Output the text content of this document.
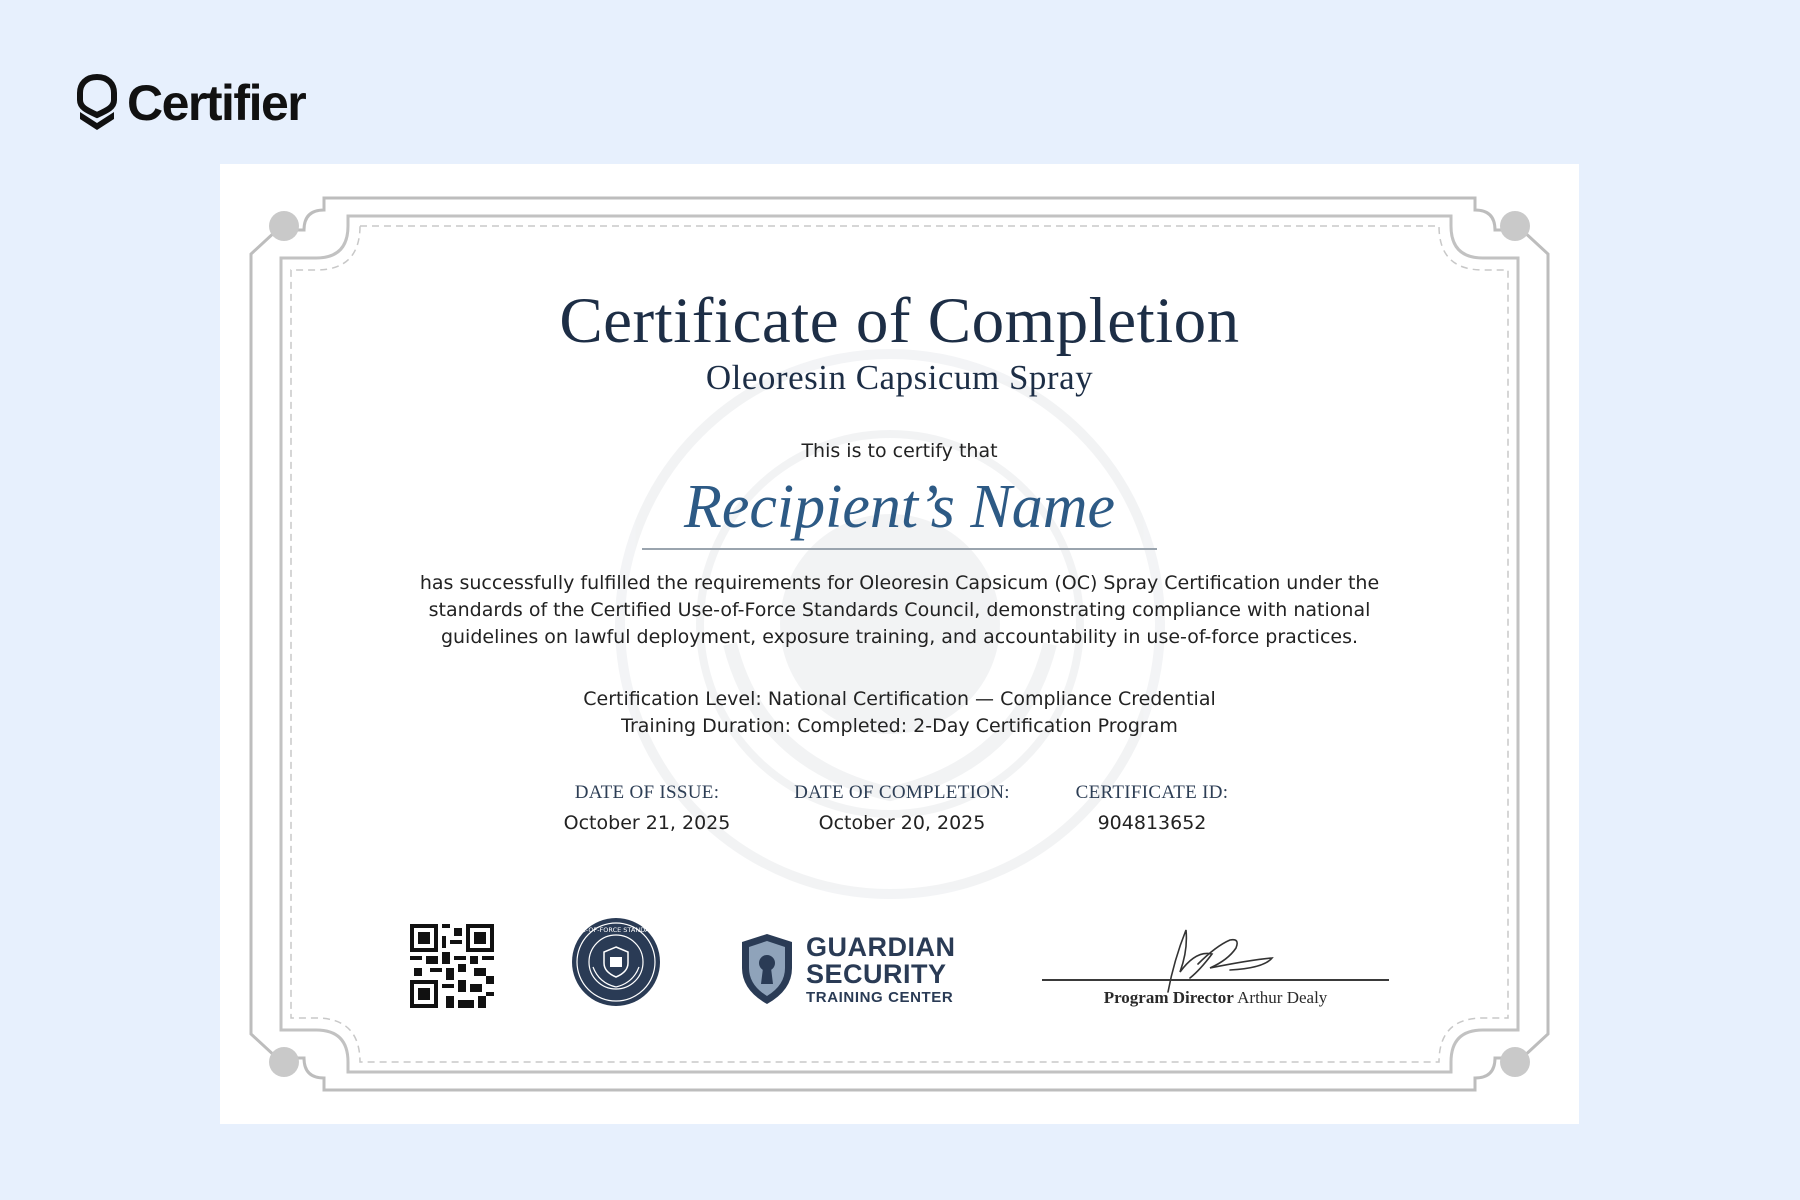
Certifier
Certificate of Completion
Oleoresin Capsicum Spray
This is to certify that
Recipient’s Name
has successfully fulfilled the requirements for Oleoresin Capsicum (OC) Spray Certification under the standards of the Certified Use-of-Force Standards Council, demonstrating compliance with national guidelines on lawful deployment, exposure training, and accountability in use-of-force practices.
Certification Level: National Certification — Compliance Credential
Training Duration: Completed: 2-Day Certification Program
DATE OF ISSUE:
October 21, 2025
DATE OF COMPLETION:
October 20, 2025
CERTIFICATE ID:
904813652
CERTIFIED USE-OF-FORCE STANDARDS COUNCIL
GUARDIAN
SECURITY
TRAINING CENTER	Program Director Arthur Dealy
